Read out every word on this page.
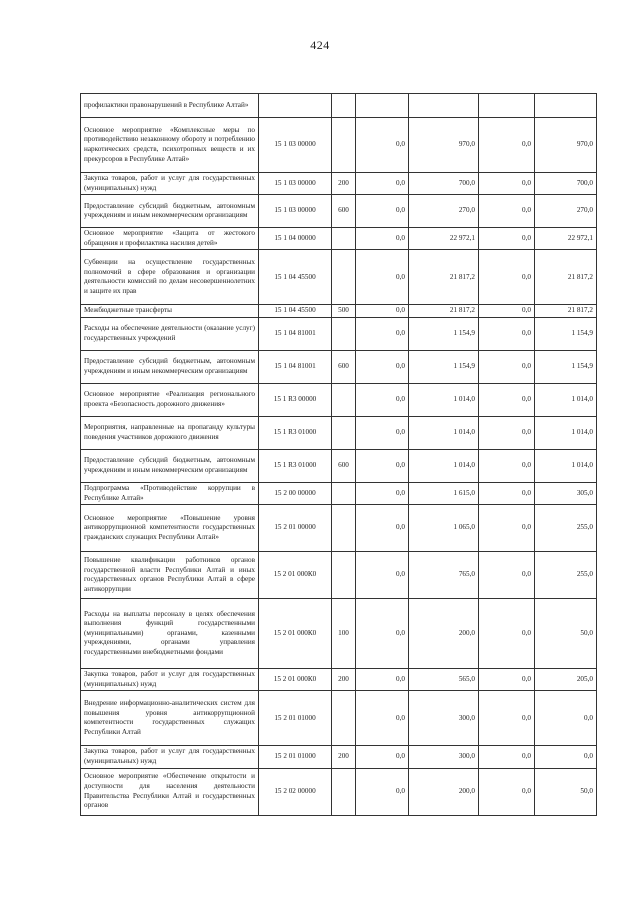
424
профилактики правонарушений в Республике Алтай»						
Основное мероприятие «Комплексные меры по противодействию незаконному обороту и потреблению наркотических средств, психотропных веществ и их прекурсоров в Республике Алтай»	15 1 03 00000		0,0	970,0	0,0	970,0
Закупка товаров, работ и услуг для государственных (муниципальных) нужд	15 1 03 00000	200	0,0	700,0	0,0	700,0
Предоставление субсидий бюджетным, автономным учреждениям и иным некоммерческим организациям	15 1 03 00000	600	0,0	270,0	0,0	270,0
Основное мероприятие «Защита от жестокого обращения и профилактика насилия детей»	15 1 04 00000		0,0	22 972,1	0,0	22 972,1
Субвенции на осуществление государственных полномочий в сфере образования и организации деятельности комиссий по делам несовершеннолетних и защите их прав	15 1 04 45500		0,0	21 817,2	0,0	21 817,2
Межбюджетные трансферты	15 1 04 45500	500	0,0	21 817,2	0,0	21 817,2
Расходы на обеспечение деятельности (оказание услуг) государственных учреждений	15 1 04 81001		0,0	1 154,9	0,0	1 154,9
Предоставление субсидий бюджетным, автономным учреждениям и иным некоммерческим организациям	15 1 04 81001	600	0,0	1 154,9	0,0	1 154,9
Основное мероприятие «Реализация регионального проекта «Безопасность дорожного движения»	15 1 R3 00000		0,0	1 014,0	0,0	1 014,0
Мероприятия, направленные на пропаганду культуры поведения участников дорожного движения	15 1 R3 01000		0,0	1 014,0	0,0	1 014,0
Предоставление субсидий бюджетным, автономным учреждениям и иным некоммерческим организациям	15 1 R3 01000	600	0,0	1 014,0	0,0	1 014,0
Подпрограмма «Противодействие коррупции в Республике Алтай»	15 2 00 00000		0,0	1 615,0	0,0	305,0
Основное мероприятие «Повышение уровня антикоррупционной компетентности государственных гражданских служащих Республики Алтай»	15 2 01 00000		0,0	1 065,0	0,0	255,0
Повышение квалификации работников органов государственной власти Республики Алтай и иных государственных органов Республики Алтай в сфере антикоррупции	15 2 01 000К0		0,0	765,0	0,0	255,0
Расходы на выплаты персоналу в целях обеспечения выполнения функций государственными (муниципальными) органами, казенными учреждениями, органами управления государственными внебюджетными фондами	15 2 01 000К0	100	0,0	200,0	0,0	50,0
Закупка товаров, работ и услуг для государственных (муниципальных) нужд	15 2 01 000К0	200	0,0	565,0	0,0	205,0
Внедрение информационно-аналитических систем для повышения уровня антикоррупционной компетентности государственных служащих Республики Алтай	15 2 01 01000		0,0	300,0	0,0	0,0
Закупка товаров, работ и услуг для государственных (муниципальных) нужд	15 2 01 01000	200	0,0	300,0	0,0	0,0
Основное мероприятие «Обеспечение открытости и доступности для населения деятельности Правительства Республики Алтай и государственных органов	15 2 02 00000		0,0	200,0	0,0	50,0
